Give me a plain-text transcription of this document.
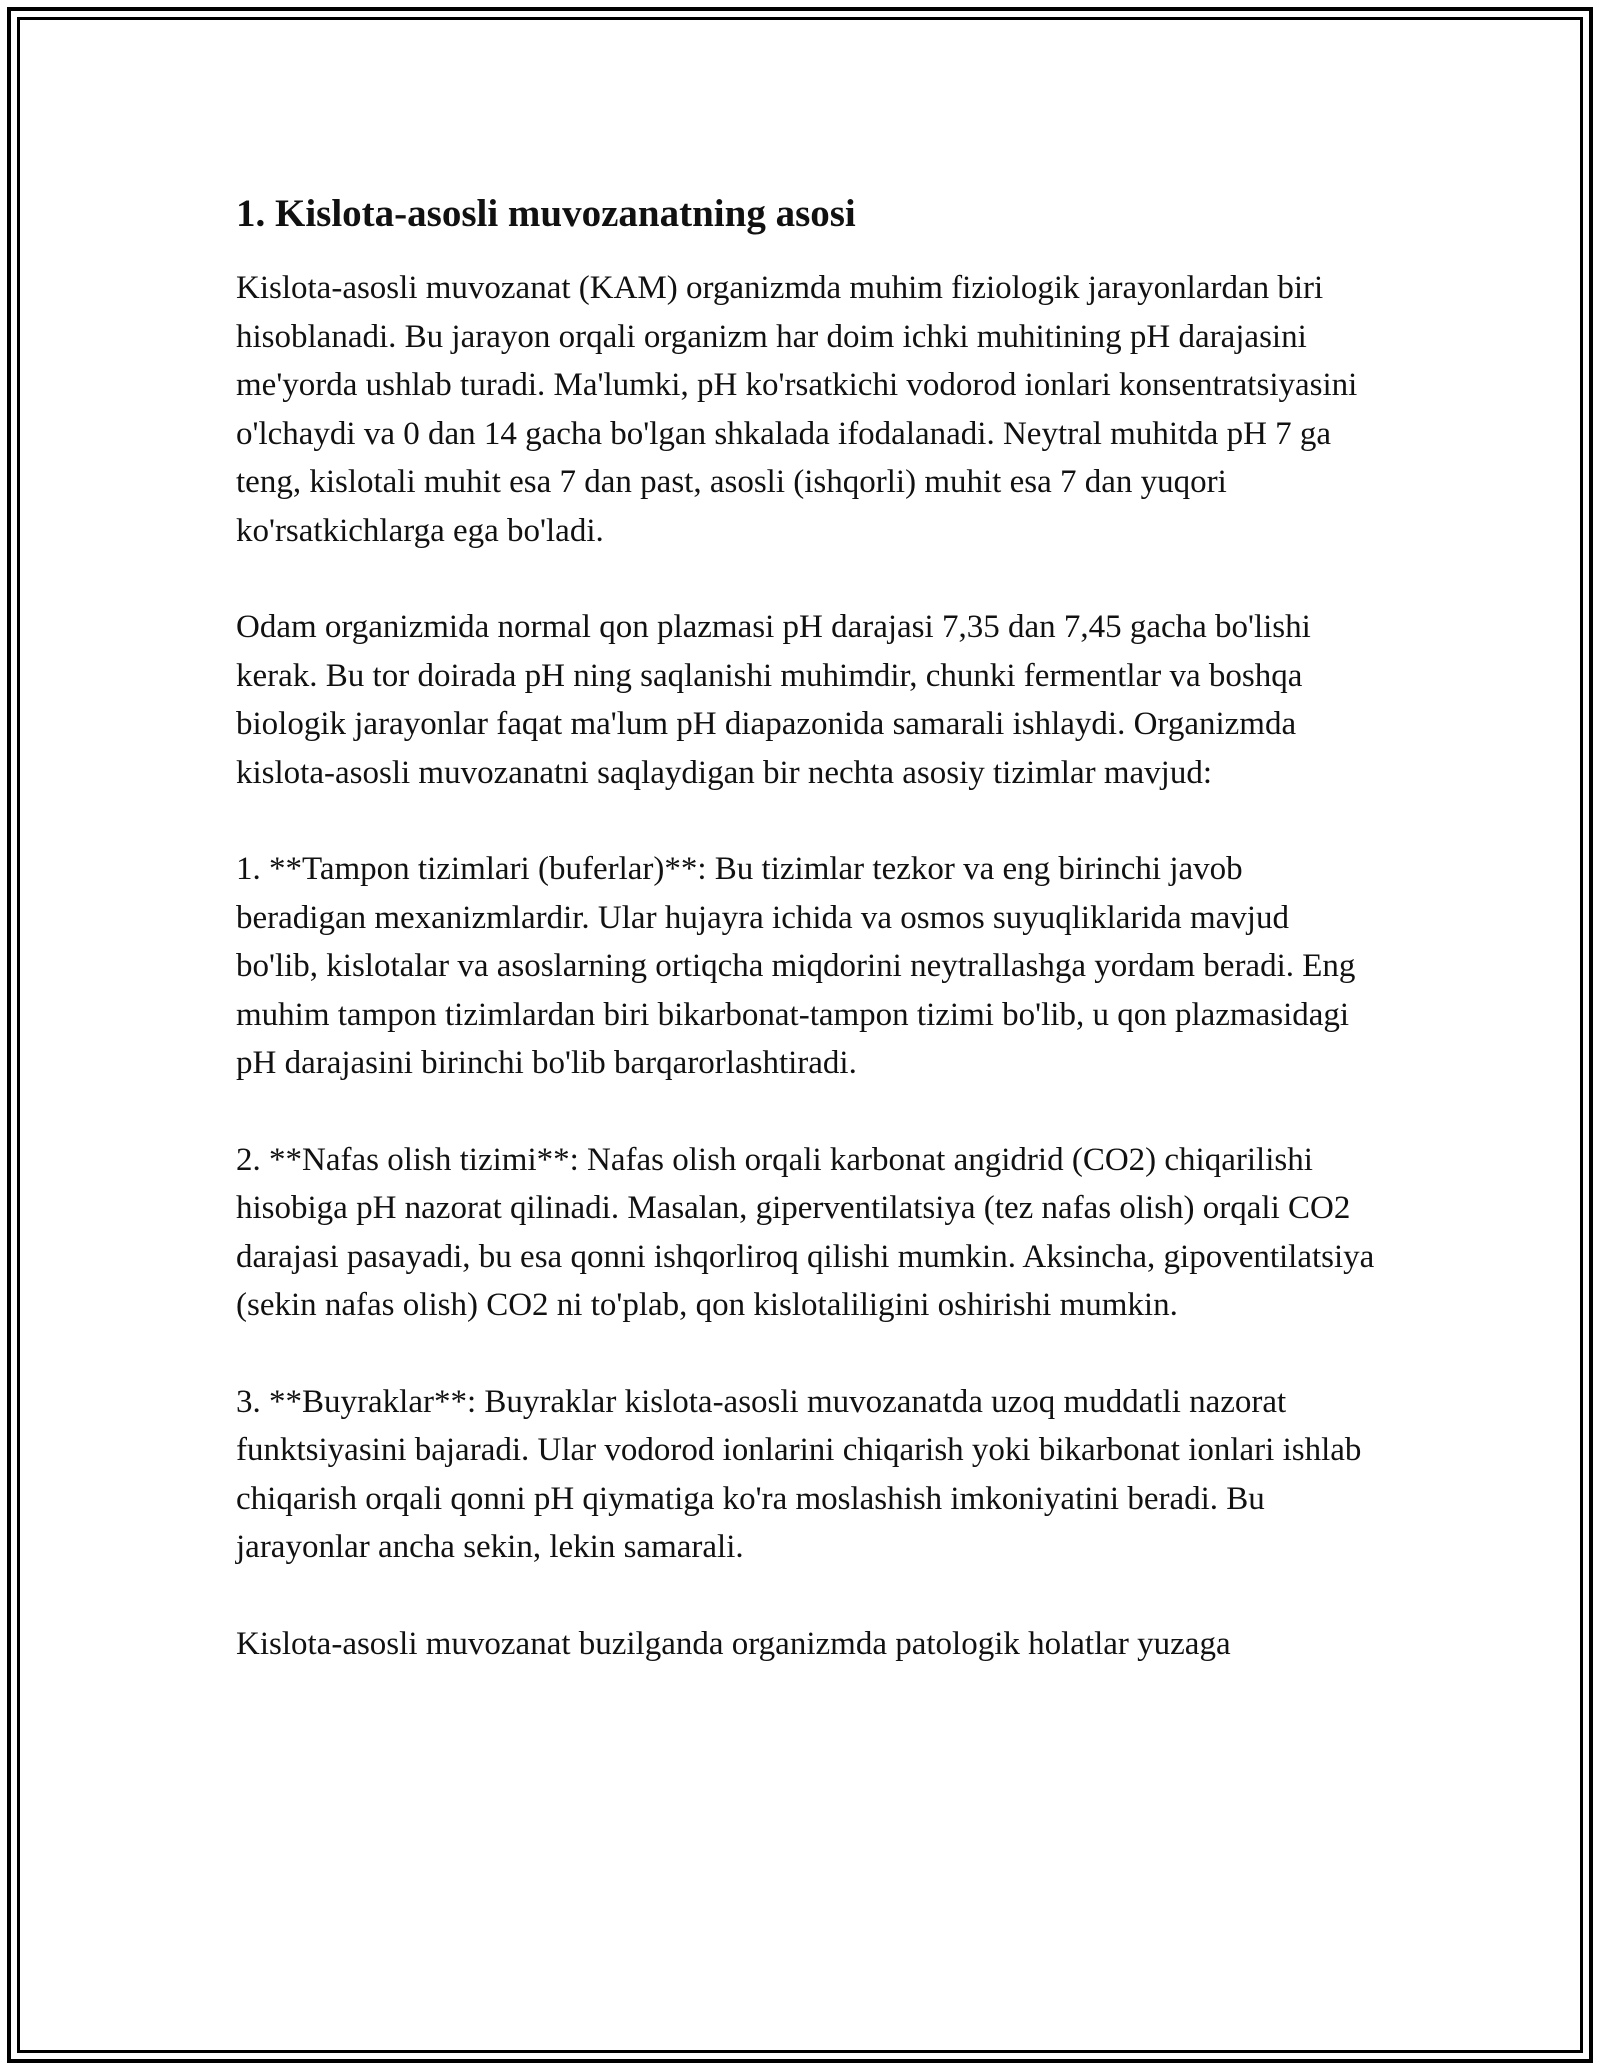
1. Kislota-asosli muvozanatning asosi

Kislota-asosli muvozanat (KAM) organizmda muhim fiziologik jarayonlardan biri hisoblanadi. Bu jarayon orqali organizm har doim ichki muhitining pH darajasini me'yorda ushlab turadi. Ma'lumki, pH ko'rsatkichi vodorod ionlari konsentratsiyasini o'lchaydi va 0 dan 14 gacha bo'lgan shkalada ifodalanadi. Neytral muhitda pH 7 ga teng, kislotali muhit esa 7 dan past, asosli (ishqorli) muhit esa 7 dan yuqori ko'rsatkichlarga ega bo'ladi.

Odam organizmida normal qon plazmasi pH darajasi 7,35 dan 7,45 gacha bo'lishi kerak. Bu tor doirada pH ning saqlanishi muhimdir, chunki fermentlar va boshqa biologik jarayonlar faqat ma'lum pH diapazonida samarali ishlaydi. Organizmda kislota-asosli muvozanatni saqlaydigan bir nechta asosiy tizimlar mavjud:

1. **Tampon tizimlari (buferlar)**: Bu tizimlar tezkor va eng birinchi javob beradigan mexanizmlardir. Ular hujayra ichida va osmos suyuqliklarida mavjud bo'lib, kislotalar va asoslarning ortiqcha miqdorini neytrallashga yordam beradi. Eng muhim tampon tizimlardan biri bikarbonat-tampon tizimi bo'lib, u qon plazmasidagi pH darajasini birinchi bo'lib barqarorlashtiradi.

2. **Nafas olish tizimi**: Nafas olish orqali karbonat angidrid (CO2) chiqarilishi hisobiga pH nazorat qilinadi. Masalan, giperventilatsiya (tez nafas olish) orqali CO2 darajasi pasayadi, bu esa qonni ishqorliroq qilishi mumkin. Aksincha, gipoventilatsiya (sekin nafas olish) CO2 ni to'plab, qon kislotaliligini oshirishi mumkin.

3. **Buyraklar**: Buyraklar kislota-asosli muvozanatda uzoq muddatli nazorat funktsiyasini bajaradi. Ular vodorod ionlarini chiqarish yoki bikarbonat ionlari ishlab chiqarish orqali qonni pH qiymatiga ko'ra moslashish imkoniyatini beradi. Bu jarayonlar ancha sekin, lekin samarali.

Kislota-asosli muvozanat buzilganda organizmda patologik holatlar yuzaga
